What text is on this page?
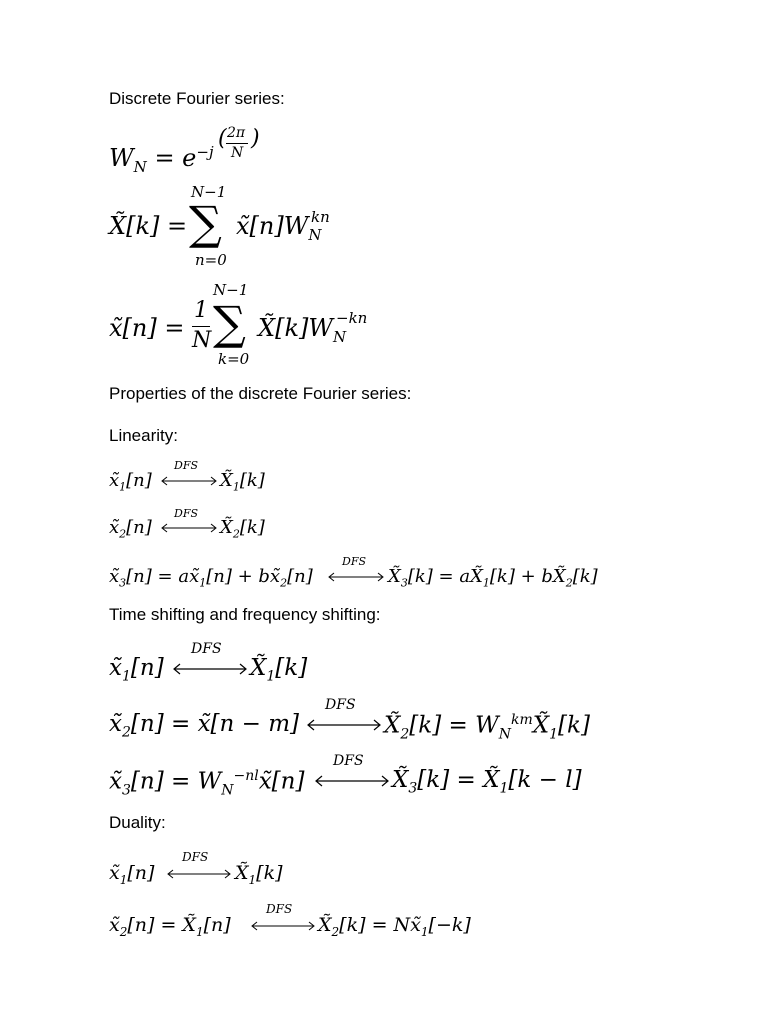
Discrete Fourier series:
$W_N = e^{-j}$
( 2π
N
)
N−1
X̃[k] = ∑
n=0
$x̃[n]W_N$
kn
N−1
x̃[n] =
1
N ∑
k=0
$X̃[k]W_N$
−kn
Properties of the discrete Fourier series:
Linearity:
$x̃_1[n]$
DFS
$X̃_1[k]$
$x̃_2[n]$
DFS
$X̃_2[k]$
$x̃_3[n]$ = $ax̃_1[n]$ + $bx̃_2[n]$
DFS
$X̃_3[k]$ = $aX̃_1[k]$ + $bX̃_2[k]$
Time shifting and frequency shifting:
$x̃_1[n]$
DFS
$X̃_1[k]$
$x̃_2[n]$ = x̃[n − m]
DFS
$X̃_2[k]$ = $W_N^{km}X̃_1[k]$
$x̃_3[n]$ = $W_N^{-nl}x̃[n]$
DFS
$X̃_3[k]$ = $X̃_1[k - l]$
Duality:
$x̃_1[n]$
DFS
$X̃_1[k]$
$x̃_2[n]$ = $X̃_1[n]$
DFS
$X̃_2[k]$ = $Nx̃_1[-k]$
